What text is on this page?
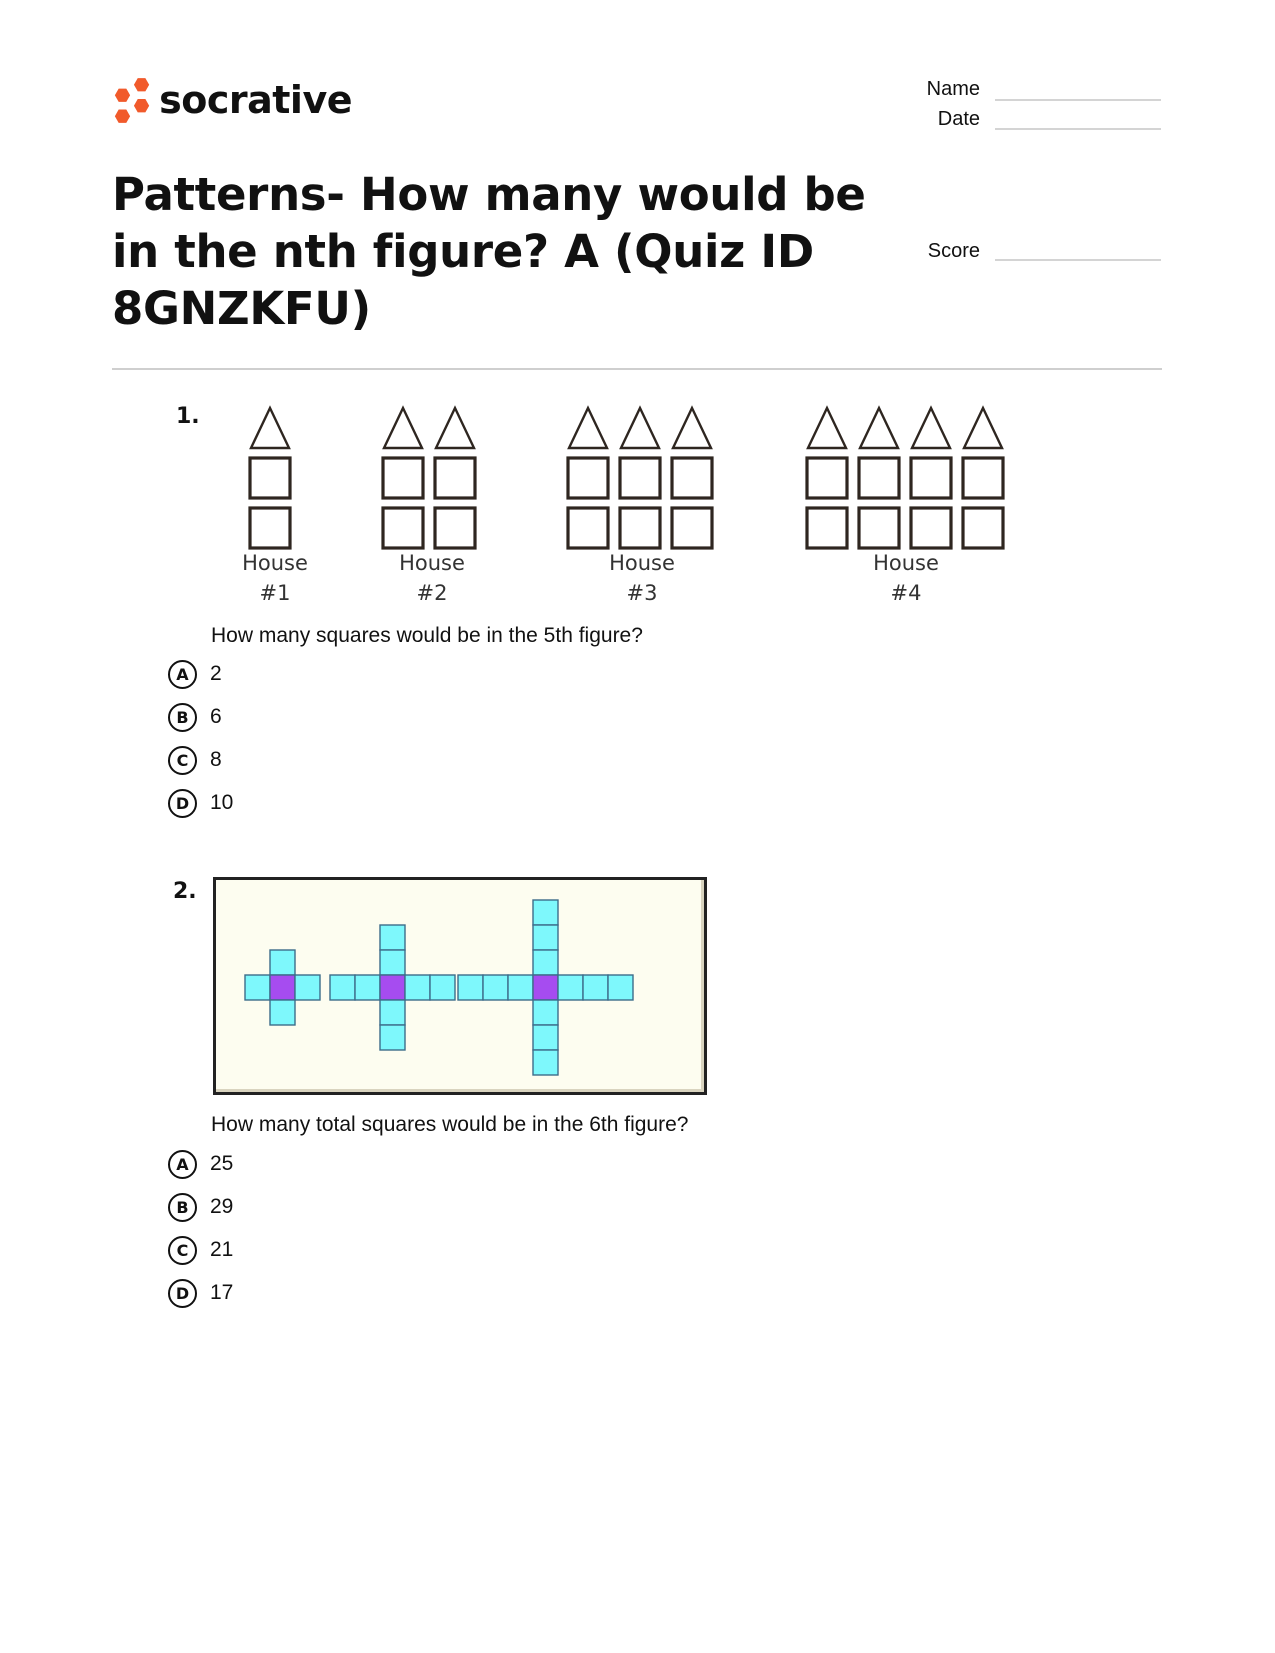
socrative	Name
Date
Score
Patterns- How many would be in the nth figure? A (Quiz ID 8GNZKFU)
1.
House
#1
House
#2
House
#3
House
#4
How many squares would be in the 5th figure?
A	2
B	6
C	8
D 10
2.
How many total squares would be in the 6th figure?
A	25
B	29
C	21
D 17
